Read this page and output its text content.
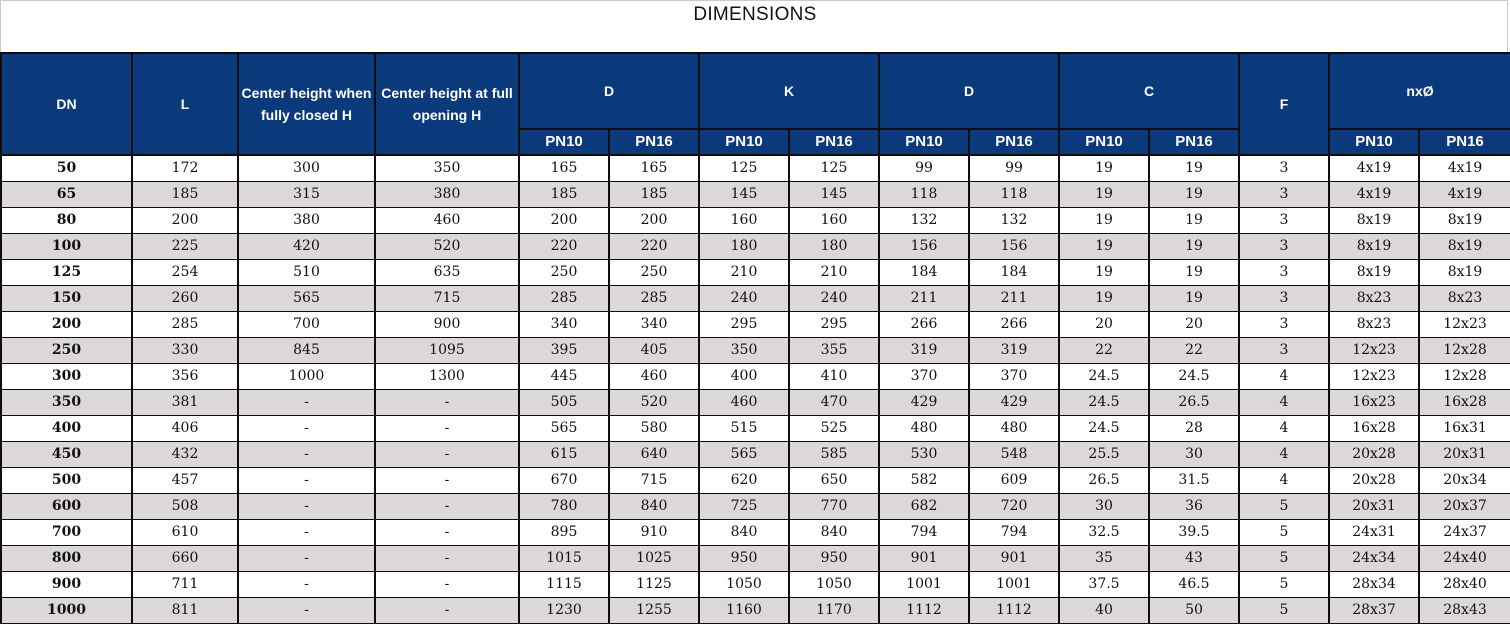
DIMENSIONS
DN	L	Center height when fully closed H	Center height at full opening H	D		K		D		C		F	nxØ	
				PN10	PN16	PN10	PN16	PN10	PN16	PN10	PN16		PN10	PN16
50	172	300	350	165	165	125	125	99	99	19	19	3	4x19	4x19
65	185	315	380	185	185	145	145	118	118	19	19	3	4x19	4x19
80	200	380	460	200	200	160	160	132	132	19	19	3	8x19	8x19
100	225	420	520	220	220	180	180	156	156	19	19	3	8x19	8x19
125	254	510	635	250	250	210	210	184	184	19	19	3	8x19	8x19
150	260	565	715	285	285	240	240	211	211	19	19	3	8x23	8x23
200	285	700	900	340	340	295	295	266	266	20	20	3	8x23	12x23
250	330	845	1095	395	405	350	355	319	319	22	22	3	12x23	12x28
300	356	1000	1300	445	460	400	410	370	370	24.5	24.5	4	12x23	12x28
350	381	-	-	505	520	460	470	429	429	24.5	26.5	4	16x23	16x28
400	406	-	-	565	580	515	525	480	480	24.5	28	4	16x28	16x31
450	432	-	-	615	640	565	585	530	548	25.5	30	4	20x28	20x31
500	457	-	-	670	715	620	650	582	609	26.5	31.5	4	20x28	20x34
600	508	-	-	780	840	725	770	682	720	30	36	5	20x31	20x37
700	610	-	-	895	910	840	840	794	794	32.5	39.5	5	24x31	24x37
800	660	-	-	1015	1025	950	950	901	901	35	43	5	24x34	24x40
900	711	-	-	1115	1125	1050	1050	1001	1001	37.5	46.5	5	28x34	28x40
1000	811	-	-	1230	1255	1160	1170	1112	1112	40	50	5	28x37	28x43
